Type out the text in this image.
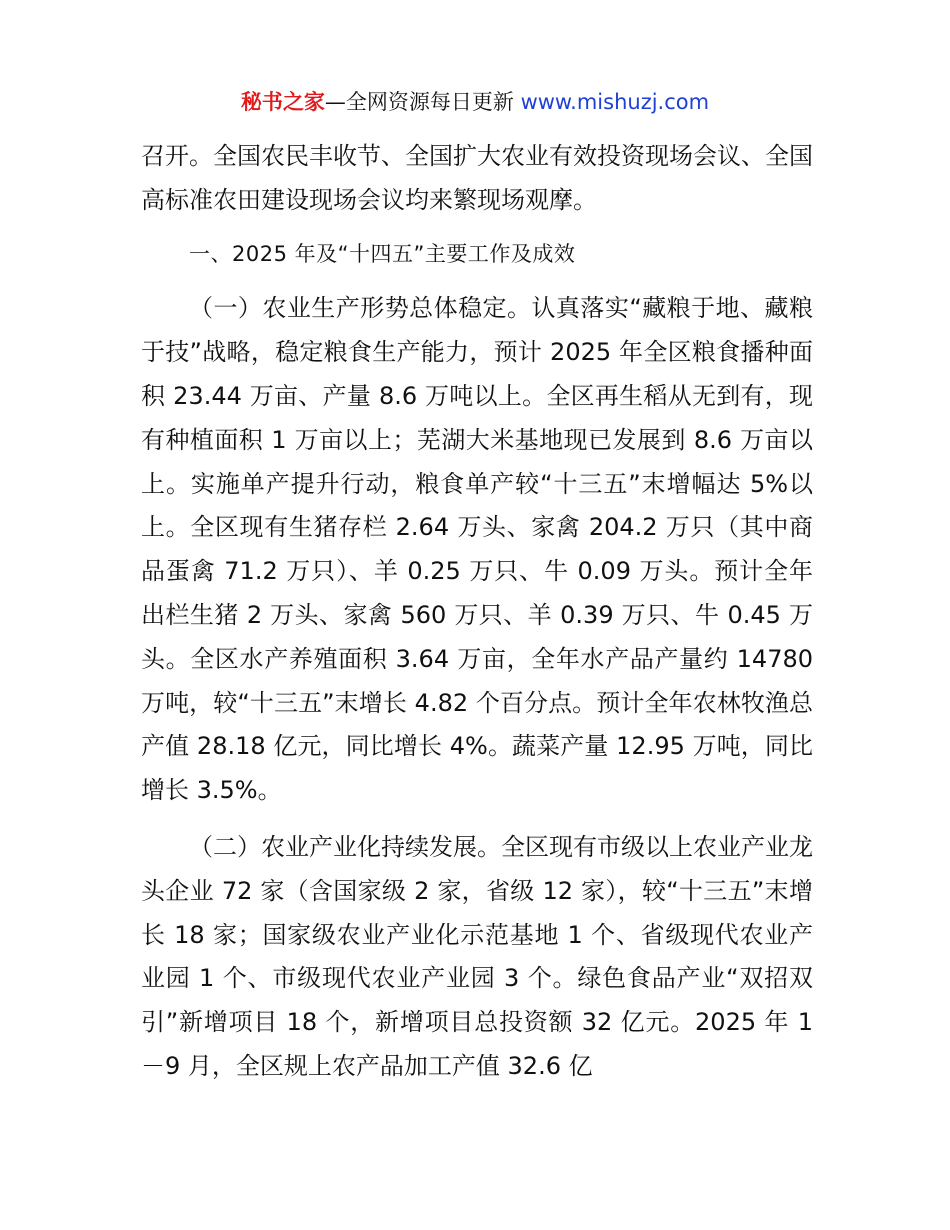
秘书之家—全网资源每日更新 www.mishuzj.com

召开。全国农民丰收节、全国扩大农业有效投资现场会议、全国高标准农田建设现场会议均来繁现场观摩。

一、2025 年及“十四五”主要工作及成效

（一）农业生产形势总体稳定。认真落实“藏粮于地、藏粮于技”战略，稳定粮食生产能力，预计 2025 年全区粮食播种面积 23.44 万亩、产量 8.6 万吨以上。全区再生稻从无到有，现有种植面积 1 万亩以上；芜湖大米基地现已发展到 8.6 万亩以上。实施单产提升行动，粮食单产较“十三五”末增幅达 5%以上。全区现有生猪存栏 2.64 万头、家禽 204.2 万只（其中商品蛋禽 71.2 万只）、羊 0.25 万只、牛 0.09 万头。预计全年出栏生猪 2 万头、家禽 560 万只、羊 0.39 万只、牛 0.45 万头。全区水产养殖面积 3.64 万亩，全年水产品产量约 14780 万吨，较“十三五”末增长 4.82 个百分点。预计全年农林牧渔总产值 28.18 亿元，同比增长 4%。蔬菜产量 12.95 万吨，同比增长 3.5%。

（二）农业产业化持续发展。全区现有市级以上农业产业龙头企业 72 家（含国家级 2 家，省级 12 家），较“十三五”末增长 18 家；国家级农业产业化示范基地 1 个、省级现代农业产业园 1 个、市级现代农业产业园 3 个。绿色食品产业“双招双引”新增项目 18 个，新增项目总投资额 32 亿元。2025 年 1－9 月，全区规上农产品加工产值 32.6 亿
